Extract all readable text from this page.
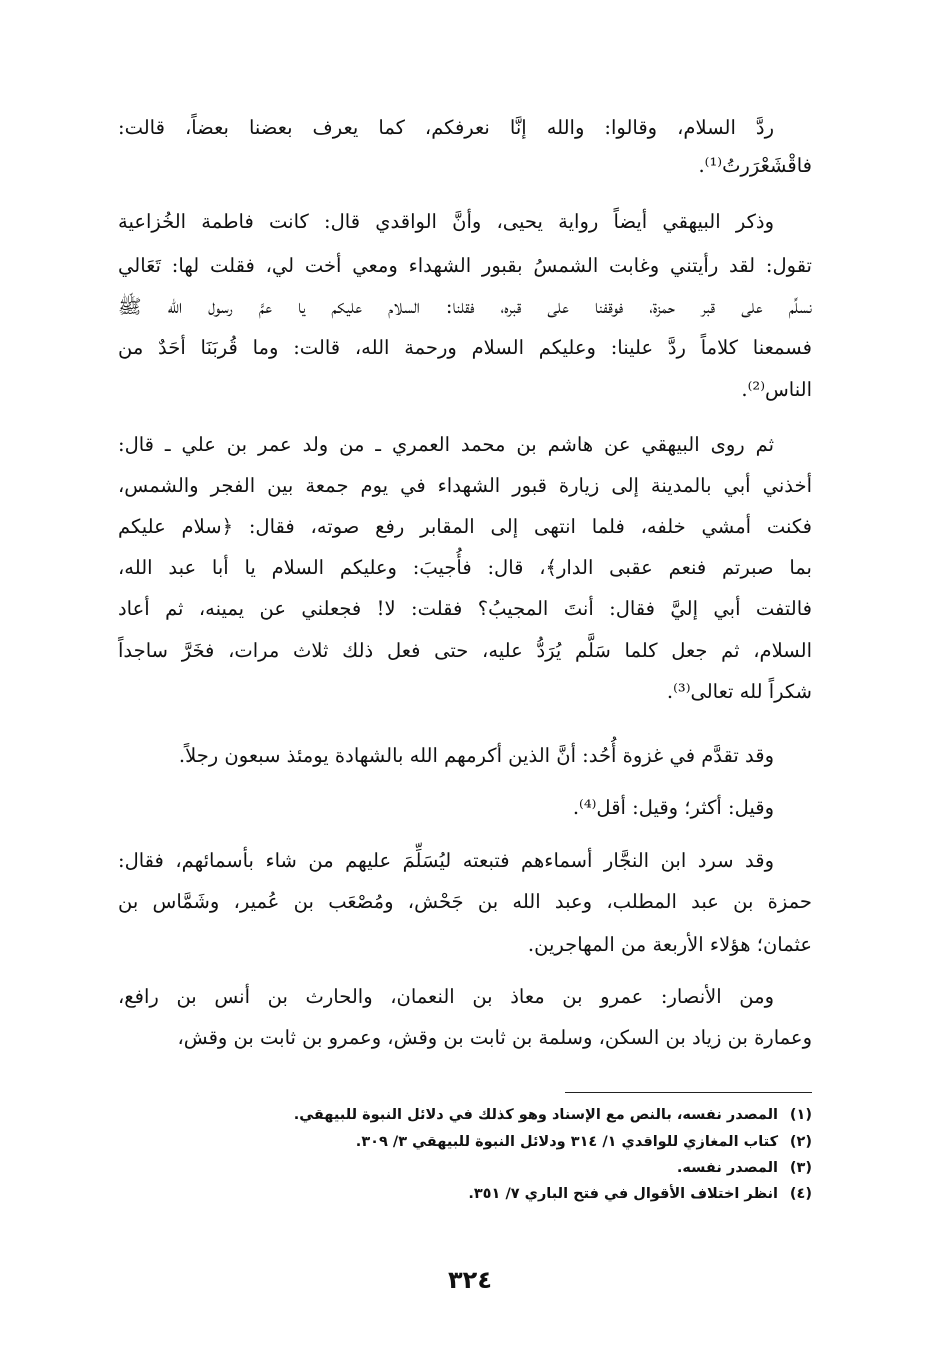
ردَّ السلام، وقالوا: والله إنَّا نعرفكم، كما يعرف بعضنا بعضاً، قالت:
فاقْشَعْرَرتُ⁽¹⁾.
وذكر البيهقي أيضاً رواية يحيى، وأنَّ الواقدي قال: كانت فاطمة الخُزاعية
تقول: لقد رأيتني وغابت الشمسُ بقبور الشهداء ومعي أخت لي، فقلت لها: تَعَالي
نسلِّم على قبر حمزة، فوقفنا على قبره، فقلنا: السلام عليكم يا عمَّ رسول الله ﷺ
فسمعنا كلاماً ردَّ علينا: وعليكم السلام ورحمة الله، قالت: وما قُربَنَا أحَدٌ من
الناس⁽²⁾.
ثم روى البيهقي عن هاشم بن محمد العمري ـ من ولد عمر بن علي ـ قال:
أخذني أبي بالمدينة إلى زيارة قبور الشهداء في يوم جمعة بين الفجر والشمس،
فكنت أمشي خلفه، فلما انتهى إلى المقابر رفع صوته، فقال: ﴿سلام عليكم
بما صبرتم فنعم عقبى الدار﴾، قال: فأُجيبَ: وعليكم السلام يا أبا عبد الله،
فالتفت أبي إليَّ فقال: أنتَ المجيبُ؟ فقلت: لا! فجعلني عن يمينه، ثم أعاد
السلام، ثم جعل كلما سَلَّم يُرَدُّ عليه، حتى فعل ذلك ثلاث مرات، فخَرَّ ساجداً
شكراً لله تعالى⁽³⁾.
وقد تقدَّم في غزوة أُحُد: أنَّ الذين أكرمهم الله بالشهادة يومئذ سبعون رجلاً.
وقيل: أكثر؛ وقيل: أقل⁽⁴⁾.
وقد سرد ابن النجَّار أسماءهم فتبعته ليُسَلِّمَ عليهم من شاء بأسمائهم، فقال:
حمزة بن عبد المطلب، وعبد الله بن جَحْش، ومُصْعَب بن عُمير، وشَمَّاس بن
عثمان؛ هؤلاء الأربعة من المهاجرين.
ومن الأنصار: عمرو بن معاذ بن النعمان، والحارث بن أنس بن رافع،
وعمارة بن زياد بن السكن، وسلمة بن ثابت بن وقش، وعمرو بن ثابت بن وقش،
(١)المصدر نفسه، بالنص مع الإسناد وهو كذلك في دلائل النبوة للبيهقي.
(٢)كتاب المغازي للواقدي ١/ ٣١٤ ودلائل النبوة للبيهقي ٣/ ٣٠٩.
(٣)المصدر نفسه.
(٤)انظر اختلاف الأقوال في فتح الباري ٧/ ٣٥١.
٣٢٤
